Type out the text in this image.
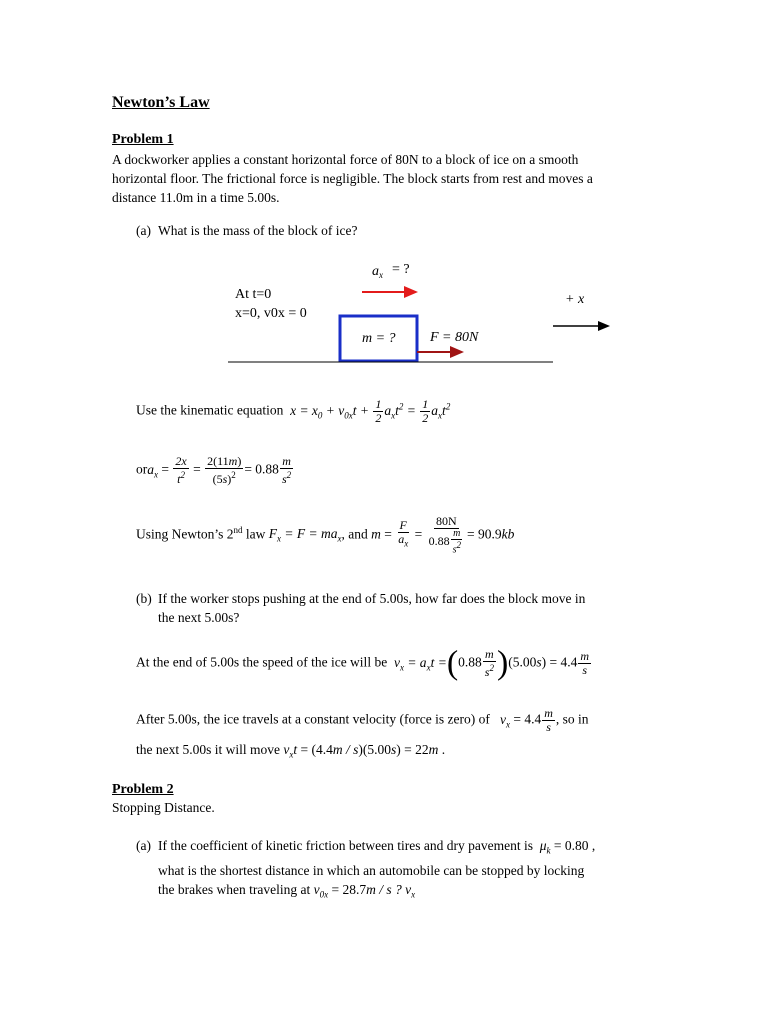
Newton’s Law
Problem 1
A dockworker applies a constant horizontal force of 80N to a block of ice on a smooth
horizontal floor. The frictional force is negligible. The block starts from rest and moves a
distance 11.0m in a time 5.00s.
(a) What is the mass of the block of ice?
$a_x$ = ?
At t=0
x=0, v0x = 0
+ x
m = ? F = 80N
Use the kinematic equation  $x = x_0 + v_{0x}t + \frac{1}{2} a_xt^2 = \frac{1}{2} a_xt^2$
$ora_x = \frac{2x}{t^2} = \frac{2(11m)}{(5s)^2} = 0.88 \frac{m}{s^2}$
Using Newton’s 2nd law $F_x = F = ma_x$, and $m = \frac{F}{a_x} = \frac{80N}{0.88 \frac{m}{s^2}} = 90.9kb$
(b) If the worker stops pushing at the end of 5.00s, how far does the block move in
the next 5.00s?
At the end of 5.00s the speed of the ice will be  $v_x = a_xt =(0.88 \frac{m}{s^2} )(5.00s) = 4.4 \frac{m}{s}$
After 5.00s, the ice travels at a constant velocity (force is zero) of   $v_x = 4.4 \frac{m}{s}$ , so in
the next 5.00s it will move $v_xt = (4.4m / s)(5.00s) = 22m$ .
Problem 2
Stopping Distance.
(a) If the coefficient of kinetic friction between tires and dry pavement is $\mu_k = 0.80$ ,
what is the shortest distance in which an automobile can be stopped by locking
the brakes when traveling at $v_{0x} = 28.7m / s$ ? $v_x$
